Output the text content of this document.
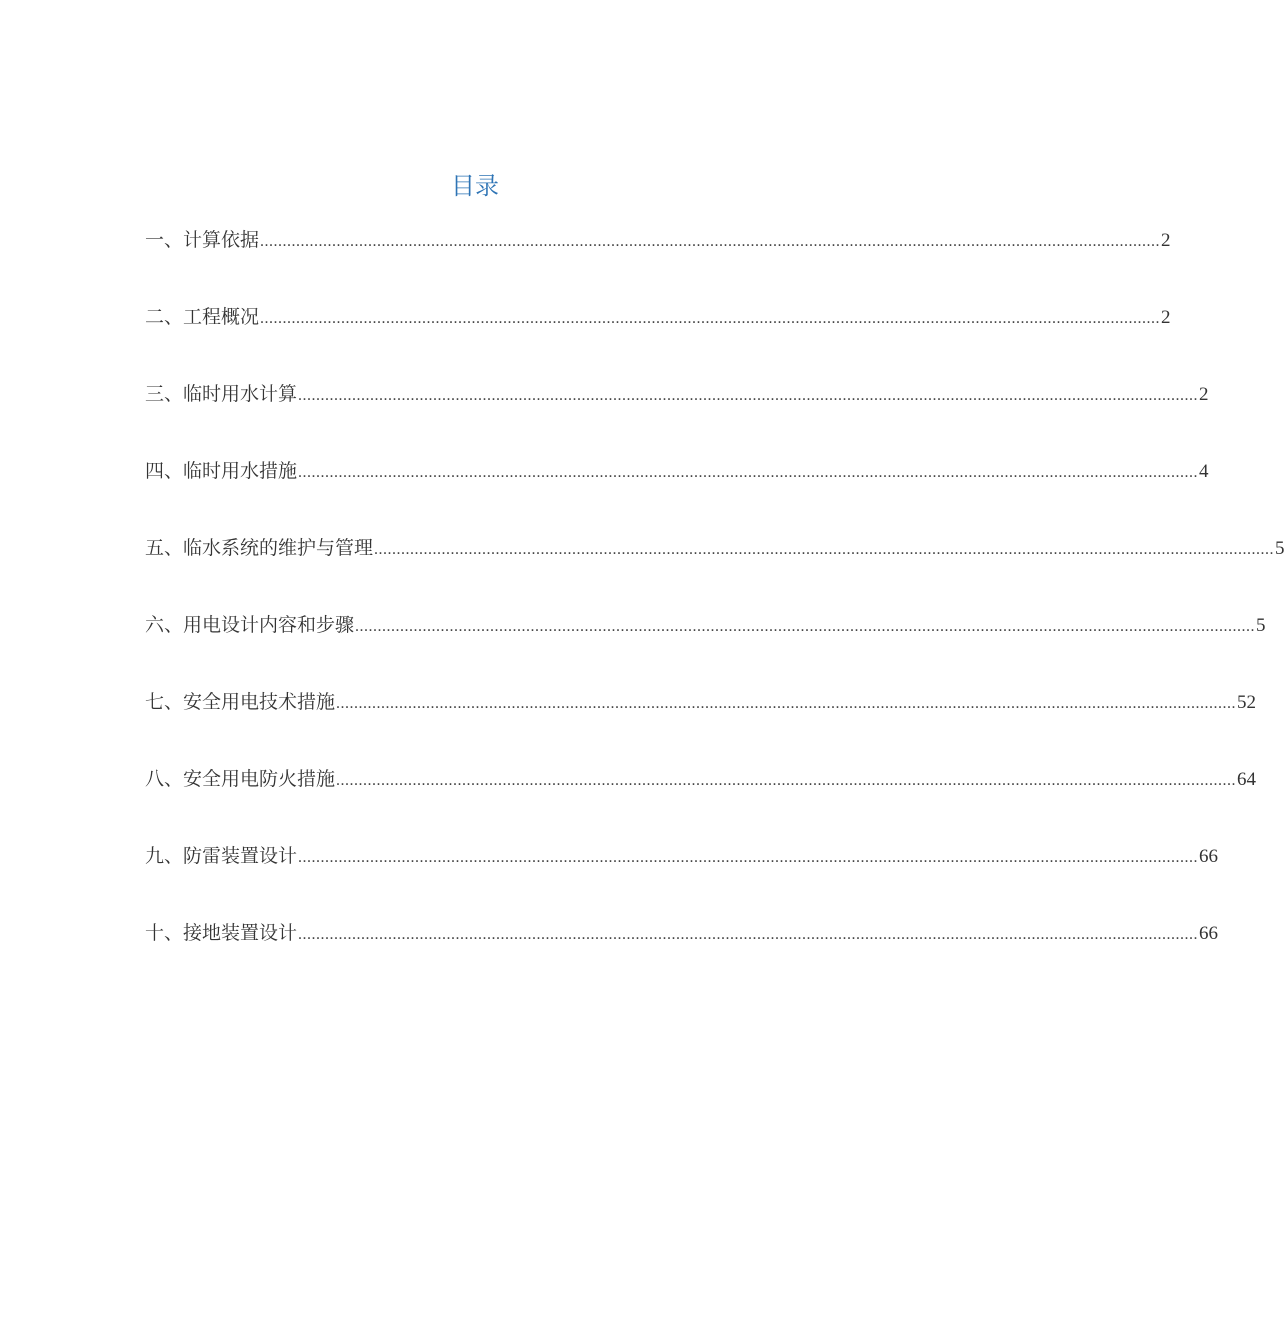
目录
一、计算依据 ........................................................................................................................................................................................................ 2
二、工程概况 ........................................................................................................................................................................................................ 2
三、临时用水计算 ........................................................................................................................................................................................................ 2
四、临时用水措施 ........................................................................................................................................................................................................ 4
五、临水系统的维护与管理 ........................................................................................................................................................................................................ 5
六、用电设计内容和步骤 ........................................................................................................................................................................................................ 5
七、安全用电技术措施 ........................................................................................................................................................................................................ 52
八、安全用电防火措施 ........................................................................................................................................................................................................ 64
九、防雷装置设计 ........................................................................................................................................................................................................ 66
十、接地装置设计 ........................................................................................................................................................................................................ 66
